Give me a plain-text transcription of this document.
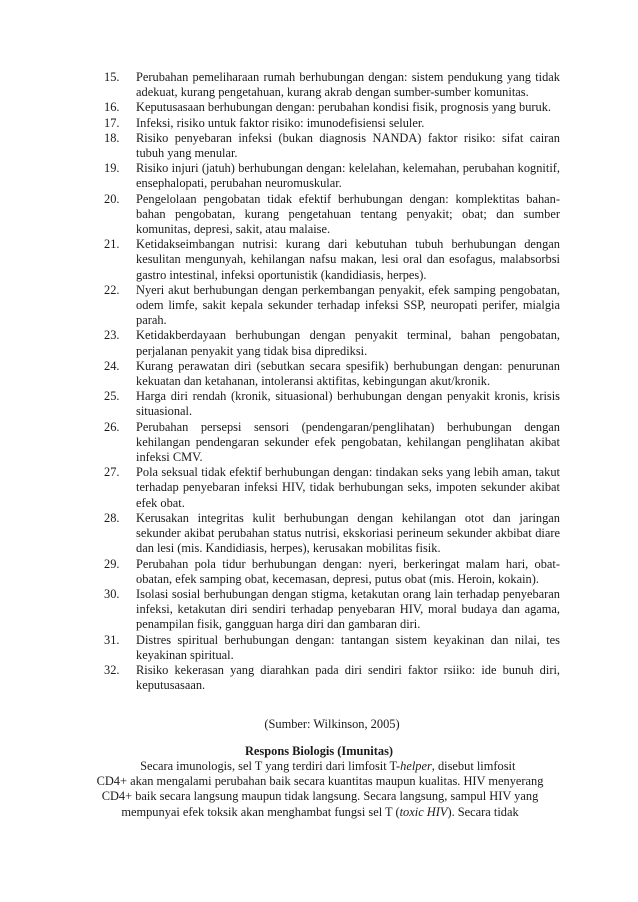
15.	Perubahan pemeliharaan rumah berhubungan dengan: sistem pendukung yang tidak adekuat, kurang pengetahuan, kurang akrab dengan sumber-sumber komunitas.
16.	Keputusasaan berhubungan dengan: perubahan kondisi fisik, prognosis yang buruk.
17.	Infeksi, risiko untuk faktor risiko: imunodefisiensi seluler.
18.	Risiko penyebaran infeksi (bukan diagnosis NANDA) faktor risiko: sifat cairan tubuh yang menular.
19.	Risiko injuri (jatuh) berhubungan dengan: kelelahan, kelemahan, perubahan kognitif, ensephalopati, perubahan neuromuskular.
20.	Pengelolaan pengobatan tidak efektif berhubungan dengan: komplektitas bahan-bahan pengobatan, kurang pengetahuan tentang penyakit; obat; dan sumber komunitas, depresi, sakit, atau malaise.
21.	Ketidakseimbangan nutrisi: kurang dari kebutuhan tubuh berhubungan dengan kesulitan mengunyah, kehilangan nafsu makan, lesi oral dan esofagus, malabsorbsi gastro intestinal, infeksi oportunistik (kandidiasis, herpes).
22.	Nyeri akut berhubungan dengan perkembangan penyakit, efek samping pengobatan, odem limfe, sakit kepala sekunder terhadap infeksi SSP, neuropati perifer, mialgia parah.
23.	Ketidakberdayaan berhubungan dengan penyakit terminal, bahan pengobatan, perjalanan penyakit yang tidak bisa diprediksi.
24.	Kurang perawatan diri (sebutkan secara spesifik) berhubungan dengan: penurunan kekuatan dan ketahanan, intoleransi aktifitas, kebingungan akut/kronik.
25.	Harga diri rendah (kronik, situasional) berhubungan dengan penyakit kronis, krisis situasional.
26.	Perubahan persepsi sensori (pendengaran/penglihatan) berhubungan dengan kehilangan pendengaran sekunder efek pengobatan, kehilangan penglihatan akibat infeksi CMV.
27.	Pola seksual tidak efektif berhubungan dengan: tindakan seks yang lebih aman, takut terhadap penyebaran infeksi HIV, tidak berhubungan seks, impoten sekunder akibat efek obat.
28.	Kerusakan integritas kulit berhubungan dengan kehilangan otot dan jaringan sekunder akibat perubahan status nutrisi, ekskoriasi perineum sekunder akbibat diare dan lesi (mis. Kandidiasis, herpes), kerusakan mobilitas fisik.
29.	Perubahan pola tidur berhubungan dengan: nyeri, berkeringat malam hari, obat-obatan, efek samping obat, kecemasan, depresi, putus obat (mis. Heroin, kokain).
30.	Isolasi sosial berhubungan dengan stigma, ketakutan orang lain terhadap penyebaran infeksi, ketakutan diri sendiri terhadap penyebaran HIV, moral budaya dan agama, penampilan fisik, gangguan harga diri dan gambaran diri.
31.	Distres spiritual berhubungan dengan: tantangan sistem keyakinan dan nilai, tes keyakinan spiritual.
32.	Risiko kekerasan yang diarahkan pada diri sendiri faktor rsiiko: ide bunuh diri, keputusasaan.
(Sumber: Wilkinson, 2005)
Respons Biologis (Imunitas)
Secara imunologis, sel T yang terdiri dari limfosit T-helper, disebut limfosit
CD4+ akan mengalami perubahan baik secara kuantitas maupun kualitas. HIV menyerang
CD4+ baik secara langsung maupun tidak langsung. Secara langsung, sampul HIV yang
mempunyai efek toksik akan menghambat fungsi sel T (toxic HIV). Secara tidak
